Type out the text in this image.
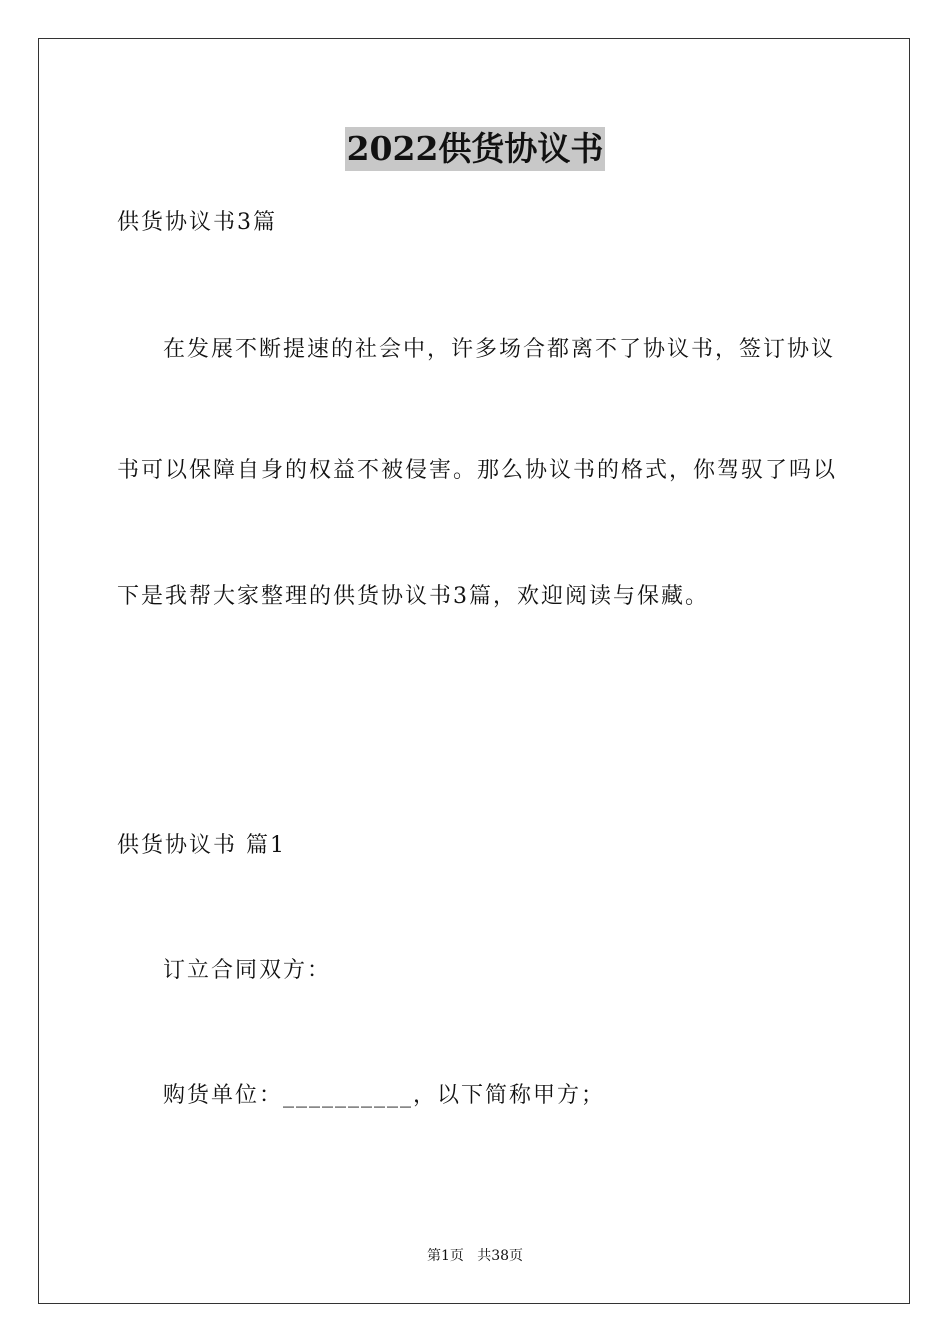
2022供货协议书
供货协议书3篇
在发展不断提速的社会中，许多场合都离不了协议书，签订协议
书可以保障自身的权益不被侵害。那么协议书的格式，你驾驭了吗以
下是我帮大家整理的供货协议书3篇，欢迎阅读与保藏。
供货协议书 篇1
订立合同双方：
购货单位：__________，以下简称甲方；
第1页   共38页
